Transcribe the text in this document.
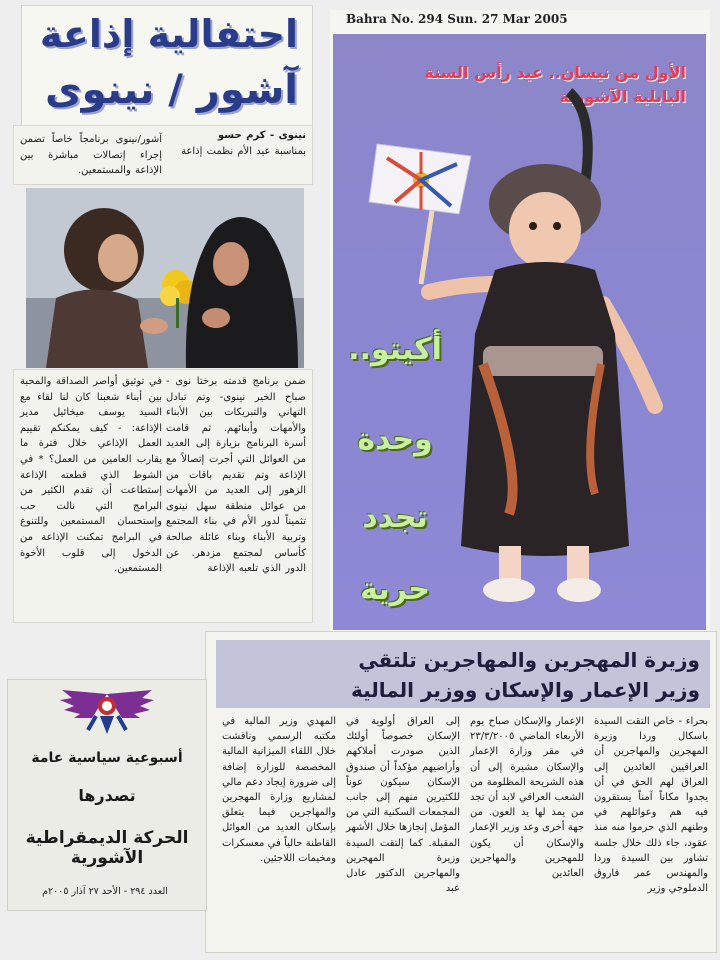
احتفالية إذاعة
آشور / نينوى
نينوى - كرم حسو
بمناسبة عيد الأم نظمت إذاعة
آشور/نينوى برنامجاً خاصاً تضمن إجراء إتصالات مباشرة بين الإذاعة والمستمعين.
ضمن برنامج قدمته برختا نوى - صباح الخير نينوى- وتم تبادل التهاني والتبريكات بين الأبناء والأمهات وأبنائهم. ثم قامت أسرة البرنامج بزيارة إلى العديد من العوائل التي أجرت إتصالاً مع الإذاعة وتم تقديم باقات من الزهور إلى العديد من الأمهات من عوائل منطقة سهل نينوى تثميناً لدور الأم في بناء المجتمع وتربية الأبناء وبناء عائلة صالحة كأساس لمجتمع مزدهر. عن الدور الذي تلعبه الإذاعة
في توثيق أواصر الصداقة والمحبة بين أبناء شعبنا كان لنا لقاء مع السيد يوسف ميخائيل مدير الإذاعة: - كيف يمكنكم تقييم العمل الإذاعي خلال فترة ما يقارب العامين من العمل؟ * في الشوط الذي قطعته الإذاعة إستطاعت أن تقدم الكثير من البرامج التي نالت حب وإستحسان المستمعين وللتنوع في البرامج تمكنت الإذاعة من الدخول إلى قلوب الأخوة المستمعين.
Bahra No. 294 Sun. 27 Mar 2005
الأول من نيسان.. عيد رأس السنة
البابلية الآشورية
أكيتو..
وحدة
تجدد
حرية
وزيرة المهجرين والمهاجرين تلتقي
وزير الإعمار والإسكان ووزير المالية
بحراء - خاص التقت السيدة باسكال وردا وزيرة المهجرين والمهاجرين أن العراقيين العائدين إلى العراق لهم الحق في أن يجدوا مكاناً آمناً يستقرون فيه هم وعوائلهم في وطنهم الذي حرموا منه منذ عقود، جاء ذلك خلال جلسة تشاور بين السيدة وردا والمهندس عمر فاروق الدملوجي وزير
الإعمار والإسكان صباح يوم الأربعاء الماضي ٢٣/٣/٢٠٠٥ في مقر وزارة الإعمار والإسكان مشيرة إلى أن هذه الشريحة المظلومة من الشعب العراقي لابد أن تجد من يمد لها يد العون. من جهة أخرى وعد وزير الإعمار والإسكان أن يكون للمهجرين والمهاجرين العائدين
إلى العراق أولوية في الإسكان خصوصاً أولئك الذين صودرت أملاكهم وأراضيهم مؤكداً أن صندوق الإسكان سيكون عوناً للكثيرين منهم إلى جانب المجمعات السكنية التي من المؤمل إنجازها خلال الأشهر المقبلة. كما إلتقت السيدة وزيرة المهجرين والمهاجرين الدكتور عادل عبد
المهدي وزير المالية في مكتبه الرسمي وناقشت خلال اللقاء الميزانية المالية المخصصة للوزارة إضافة إلى ضرورة إيجاد دعم مالي لمشاريع وزارة المهجرين والمهاجرين فيما يتعلق بإسكان العديد من العوائل القاطنة حالياً في معسكرات ومخيمات اللاجئين.
أسبوعية سياسية عامة
تصدرها
الحركة الديمقراطية الآشورية
العدد ٢٩٤ - الأحد ٢٧ آذار ٢٠٠٥م
